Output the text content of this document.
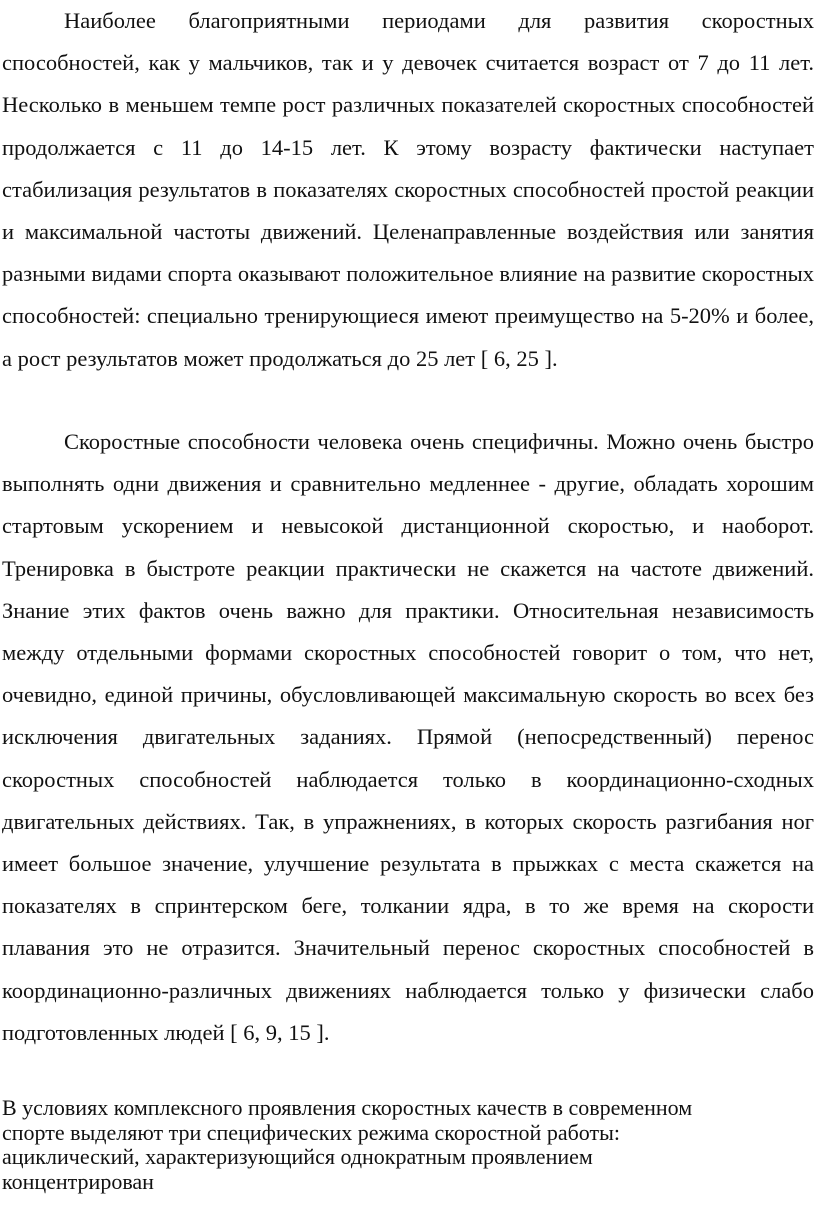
Наиболее благоприятными периодами для развития скоростных способностей, как у мальчиков, так и у девочек считается возраст от 7 до 11 лет. Несколько в меньшем темпе рост различных показателей скоростных способностей продолжается с 11 до 14-15 лет. К этому возрасту фактически наступает стабилизация результатов в показателях скоростных способностей простой реакции и максимальной частоты движений. Целенаправленные воздействия или занятия разными видами спорта оказывают положительное влияние на развитие скоростных способностей: специально тренирующиеся имеют преимущество на 5-20% и более, а рост результатов может продолжаться до 25 лет [ 6, 25 ].

Скоростные способности человека очень специфичны. Можно очень быстро выполнять одни движения и сравнительно медленнее - другие, обладать хорошим стартовым ускорением и невысокой дистанционной скоростью, и наоборот. Тренировка в быстроте реакции практически не скажется на частоте движений. Знание этих фактов очень важно для практики. Относительная независимость между отдельными формами скоростных способностей говорит о том, что нет, очевидно, единой причины, обусловливающей максимальную скорость во всех без исключения двигательных заданиях. Прямой (непосредственный) перенос скоростных способностей наблюдается только в координационно-сходных двигательных действиях. Так, в упражнениях, в которых скорость разгибания ног имеет большое значение, улучшение результата в прыжках с места скажется на показателях в спринтерском беге, толкании ядра, в то же время на скорости плавания это не отразится. Значительный перенос скоростных способностей в координационно-различных движениях наблюдается только у физически слабо подготовленных людей [ 6, 9, 15 ].

В условиях комплексного проявления скоростных качеств в современном
спорте выделяют три специфических режима скоростной работы:
ациклический, характеризующийся однократным проявлением
концентрирован
